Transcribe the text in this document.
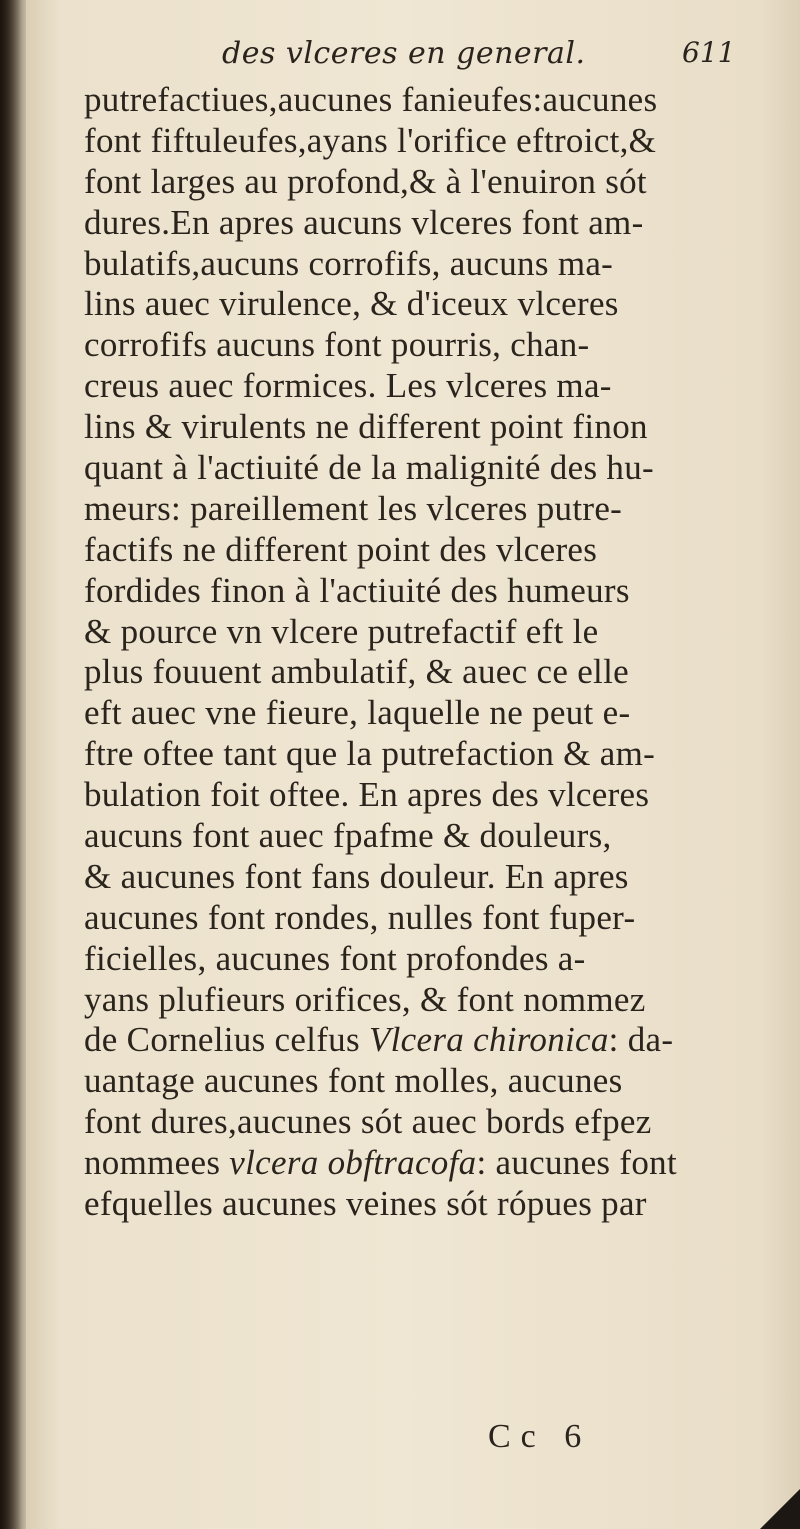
des vlceres en general.	611
putrefactiues,aucunes fanieufes:aucunes
font fiftuleufes,ayans l'orifice eftroict,&
font larges au profond,& à l'enuiron sót
dures.En apres aucuns vlceres font am-
bulatifs,aucuns corrofifs, aucuns ma-
lins auec virulence, & d'iceux vlceres
corrofifs aucuns font pourris, chan-
creus auec formices. Les vlceres ma-
lins & virulents ne different point finon
quant à l'actiuité de la malignité des hu-
meurs: pareillement les vlceres putre-
factifs ne different point des vlceres
fordides finon à l'actiuité des humeurs
& pource vn vlcere putrefactif eft le
plus fouuent ambulatif, & auec ce elle
eft auec vne fieure, laquelle ne peut e-
ftre oftee tant que la putrefaction & am-
bulation foit oftee. En apres des vlceres
aucuns font auec fpafme & douleurs,
& aucunes font fans douleur. En apres
aucunes font rondes, nulles font fuper-
ficielles, aucunes font profondes a-
yans plufieurs orifices, & font nommez
de Cornelius celfus Vlcera chironica: da-
uantage aucunes font molles, aucunes
font dures,aucunes sót auec bords efpez
nommees vlcera obftracofa: aucunes font
efquelles aucunes veines sót rópues par
Cc 6
